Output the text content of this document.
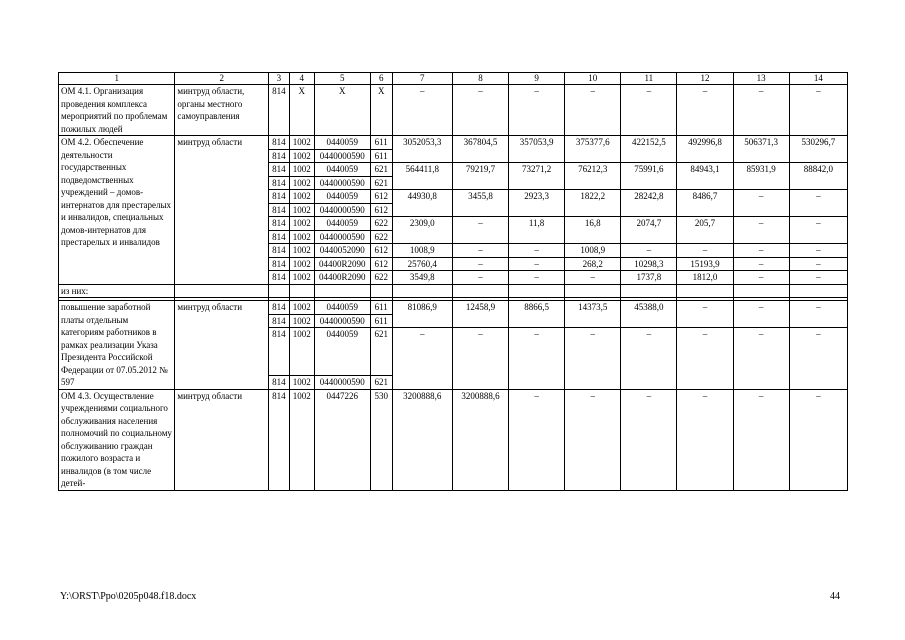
1	2	3	4	5	6	7	8	9	10	11	12	13	14
ОМ 4.1. Организация проведения комплекса мероприятий по проблемам пожилых людей	минтруд области, органы местного самоуправления	814	X	X	X	–	–	–	–	–	–	–	–
ОМ 4.2. Обеспечение деятельности государственных подведомственных учреждений – домов-интернатов для престарелых и инвалидов, специальных домов-интернатов для престарелых и инвалидов	минтруд области	814	1002	0440059	611	3052053,3	367804,5	357053,9	375377,6	422152,5	492996,8	506371,3	530296,7
		814	1002	0440000590	611								
		814	1002	0440059	621	564411,8	79219,7	73271,2	76212,3	75991,6	84943,1	85931,9	88842,0
		814	1002	0440000590	621								
		814	1002	0440059	612	44930,8	3455,8	2923,3	1822,2	28242,8	8486,7	–	–
		814	1002	0440000590	612								
		814	1002	0440059	622	2309,0	–	11,8	16,8	2074,7	205,7	–	–
		814	1002	0440000590	622								
		814	1002	0440052090	612	1008,9	–	–	1008,9	–	–	–	–
		814	1002	04400R2090	612	25760,4	–	–	268,2	10298,3	15193,9	–	–
		814	1002	04400R2090	622	3549,8	–	–	–	1737,8	1812,0	–	–
из них:													

повышение заработной платы отдельным категориям работников в рамках реализации Указа Президента Российской Федерации от 07.05.2012 № 597	минтруд области	814	1002	0440059	611	81086,9	12458,9	8866,5	14373,5	45388,0	–	–	–
		814	1002	0440000590	611								
		814	1002	0440059	621	–	–	–	–	–	–	–	–
		814	1002	0440000590	621								
ОМ 4.3. Осуществление учреждениями социального обслуживания населения полномочий по социальному обслуживанию граждан пожилого возраста и инвалидов (в том числе детей-	минтруд области	814	1002	0447226	530	3200888,6	3200888,6	–	–	–	–	–	–
Y:\ORST\Ppo\0205p048.f18.docx	44
